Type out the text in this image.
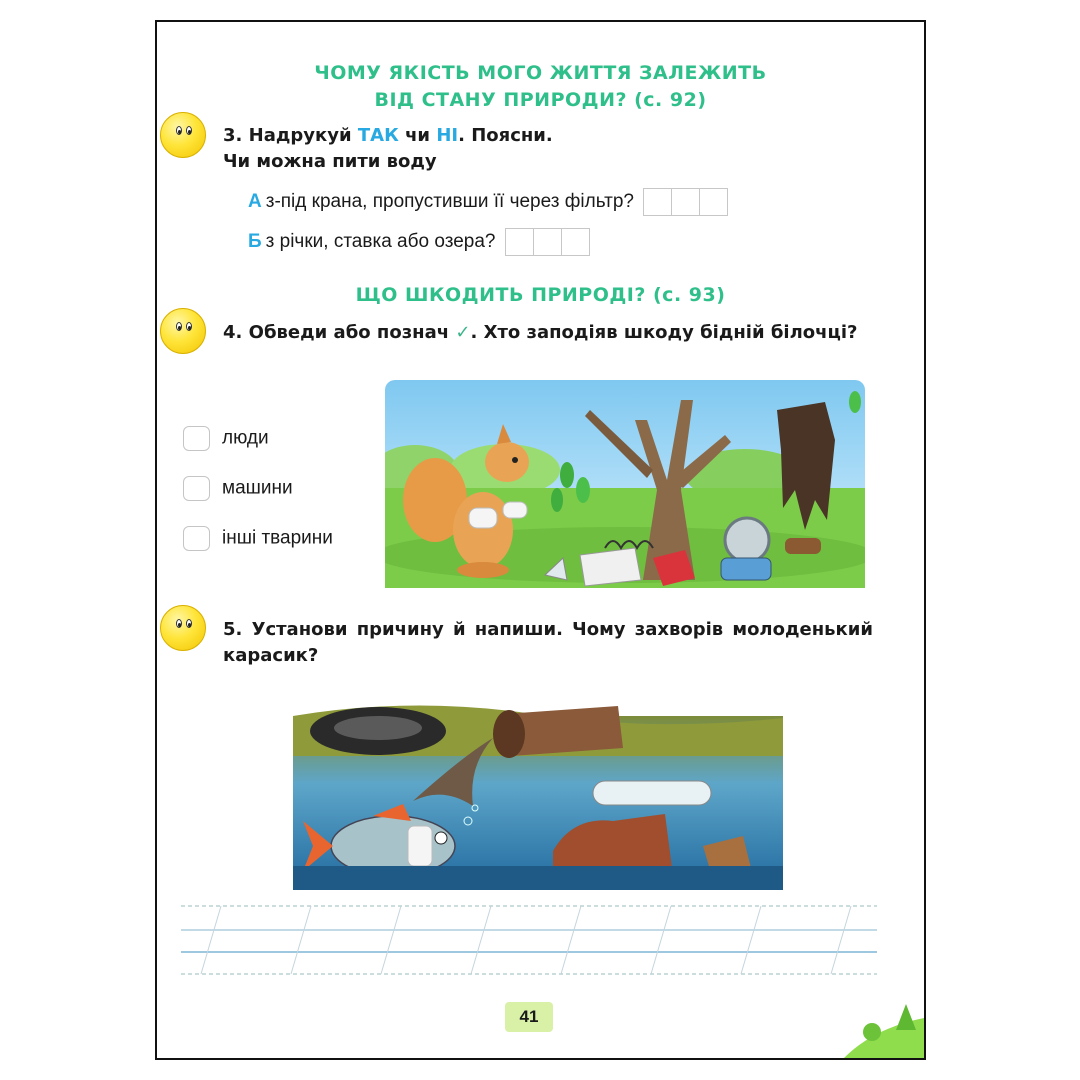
ЧОМУ ЯКІСТЬ МОГО ЖИТТЯ ЗАЛЕЖИТЬ
ВІД СТАНУ ПРИРОДИ? (с. 92)
3. Надрукуй ТАК чи НІ. Поясни.
Чи можна пити воду
А з-під крана, пропустивши її через фільтр?
Б з річки, ставка або озера?
ЩО ШКОДИТЬ ПРИРОДІ? (с. 93)
4. Обведи або познач ✓. Хто заподіяв шкоду бідній білочці?
люди
машини
інші тварини
5. Установи причину й напиши. Чому захворів молоденький карасик?
41
